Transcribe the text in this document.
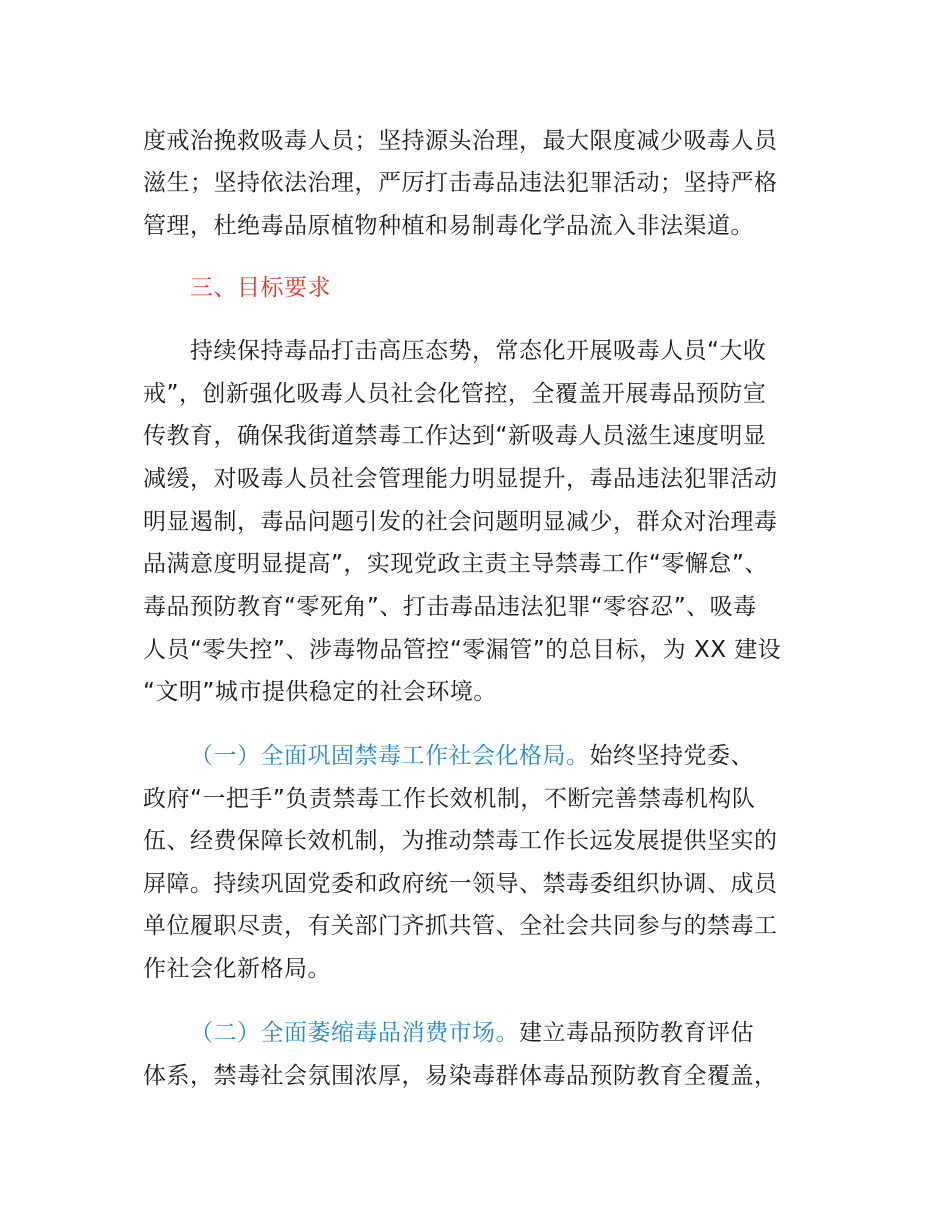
度戒治挽救吸毒人员；坚持源头治理，最大限度减少吸毒人员
滋生；坚持依法治理，严厉打击毒品违法犯罪活动；坚持严格
管理，杜绝毒品原植物种植和易制毒化学品流入非法渠道。
三、目标要求
持续保持毒品打击高压态势，常态化开展吸毒人员“大收
戒”，创新强化吸毒人员社会化管控，全覆盖开展毒品预防宣
传教育，确保我街道禁毒工作达到“新吸毒人员滋生速度明显
减缓，对吸毒人员社会管理能力明显提升，毒品违法犯罪活动
明显遏制，毒品问题引发的社会问题明显减少，群众对治理毒
品满意度明显提高”，实现党政主责主导禁毒工作“零懈怠”、
毒品预防教育“零死角”、打击毒品违法犯罪“零容忍”、吸毒
人员“零失控”、涉毒物品管控“零漏管”的总目标，为 XX 建设
“文明”城市提供稳定的社会环境。
（一）全面巩固禁毒工作社会化格局。始终坚持党委、
政府“一把手”负责禁毒工作长效机制，不断完善禁毒机构队
伍、经费保障长效机制，为推动禁毒工作长远发展提供坚实的
屏障。持续巩固党委和政府统一领导、禁毒委组织协调、成员
单位履职尽责，有关部门齐抓共管、全社会共同参与的禁毒工
作社会化新格局。
（二）全面萎缩毒品消费市场。建立毒品预防教育评估
体系，禁毒社会氛围浓厚，易染毒群体毒品预防教育全覆盖，
